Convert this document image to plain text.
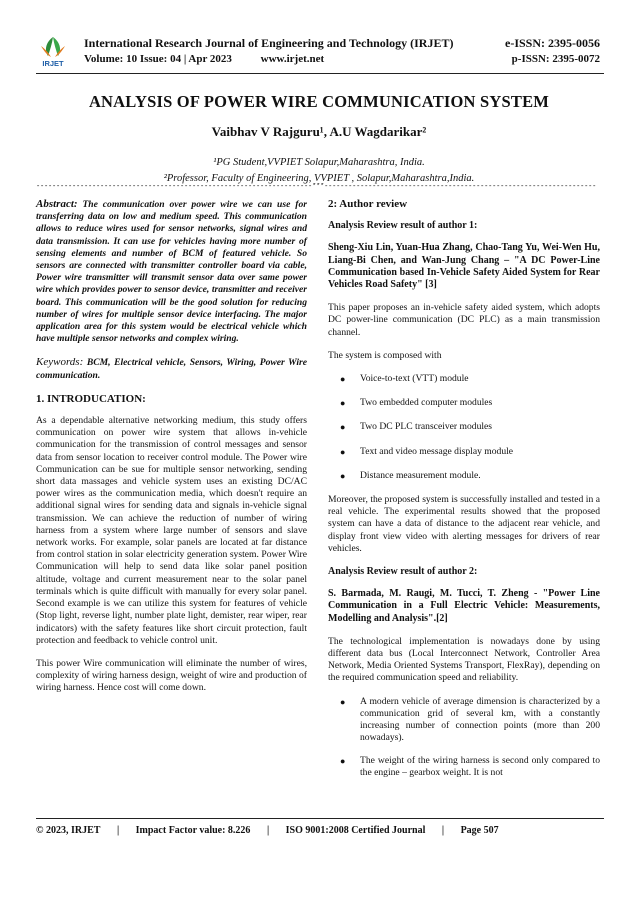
IRJET
International Research Journal of Engineering and Technology (IRJET)
Volume: 10 Issue: 04 | Apr 2023	www.irjet.net
e-ISSN: 2395-0056
p-ISSN: 2395-0072
ANALYSIS OF POWER WIRE COMMUNICATION SYSTEM
Vaibhav V Rajguru¹, A.U Wagdarikar²
¹PG Student,VVPIET Solapur,Maharashtra, India.
²Professor, Faculty of Engineering, VVPIET , Solapur,Maharashtra,India.
---------------------------------------------------------------------***--------------------------------------------------------------------

Abstract: The communication over power wire we can use for transferring data on low and medium speed. This communication allows to reduce wires used for sensor networks, signal wires and data transmission. It can use for vehicles having more number of sensing elements and number of BCM of featured vehicle. So sensors are connected with transmitter controller board via cable, Power wire transmitter will transmit sensor data over same power wire which provides power to sensor device, transmitter and receiver board. This communication will be the good solution for reducing number of wires for multiple sensor device interfacing. The major application area for this system would be electrical vehicle which have multiple sensor networks and complex wiring.

Keywords: BCM, Electrical vehicle, Sensors, Wiring, Power Wire communication.

1. INTRODUCATION:

As a dependable alternative networking medium, this study offers communication on power wire system that allows in-vehicle communication for the transmission of control messages and sensor data from sensor location to receiver control module. The Power wire Communication can be sue for multiple sensor networking, sending short data massages and vehicle system uses an existing DC/AC power wires as the communication media, which doesn't require an additional signal wires for sending data and signals in-vehicle signal transmission. We can achieve the reduction of number of wiring harness from a system where large number of sensors and slave network works. For example, solar panels are located at far distance from control station in solar electricity generation system. Power Wire Communication will help to send data like solar panel position altitude, voltage and current measurement near to the solar panel terminals which is quite difficult with manually for every solar panel. Second example is we can utilize this system for features of vehicle (Stop light, reverse light, number plate light, demister, rear wiper, rear indicators) with the safety features like short circuit protection, fault protection and feedback to vehicle control unit.

This power Wire communication will eliminate the number of wires, complexity of wiring harness design, weight of wire and production of wiring harness. Hence cost will come down.

2: Author review
Analysis Review result of author 1:
Sheng-Xiu Lin, Yuan-Hua Zhang, Chao-Tang Yu, Wei-Wen Hu, Liang-Bi Chen, and Wan-Jung Chang – "A DC Power-Line Communication based In-Vehicle Safety Aided System for Rear Vehicles Road Safety" [3]

This paper proposes an in-vehicle safety aided system, which adopts DC power-line communication (DC PLC) as a main transmission channel.

The system is composed with

● Voice-to-text (VTT) module
● Two embedded computer modules
● Two DC PLC transceiver modules
● Text and video message display module
● Distance measurement module.

Moreover, the proposed system is successfully installed and tested in a real vehicle. The experimental results showed that the proposed system can have a data of distance to the adjacent rear vehicle, and display front view video with alerting messages for drivers of rear vehicles.

Analysis Review result of author 2:
S. Barmada, M. Raugi, M. Tucci, T. Zheng - "Power Line Communication in a Full Electric Vehicle: Measurements, Modelling and Analysis".[2]

The technological implementation is nowadays done by using different data bus (Local Interconnect Network, Controller Area Network, Media Oriented Systems Transport, FlexRay), depending on the required communication speed and reliability.

● A modern vehicle of average dimension is characterized by a communication grid of several km, with a constantly increasing number of connection points (more than 200 nowadays).
● The weight of the wiring harness is second only compared to the engine – gearbox weight. It is not
© 2023, IRJET | Impact Factor value: 8.226 | ISO 9001:2008 Certified Journal | Page 507
